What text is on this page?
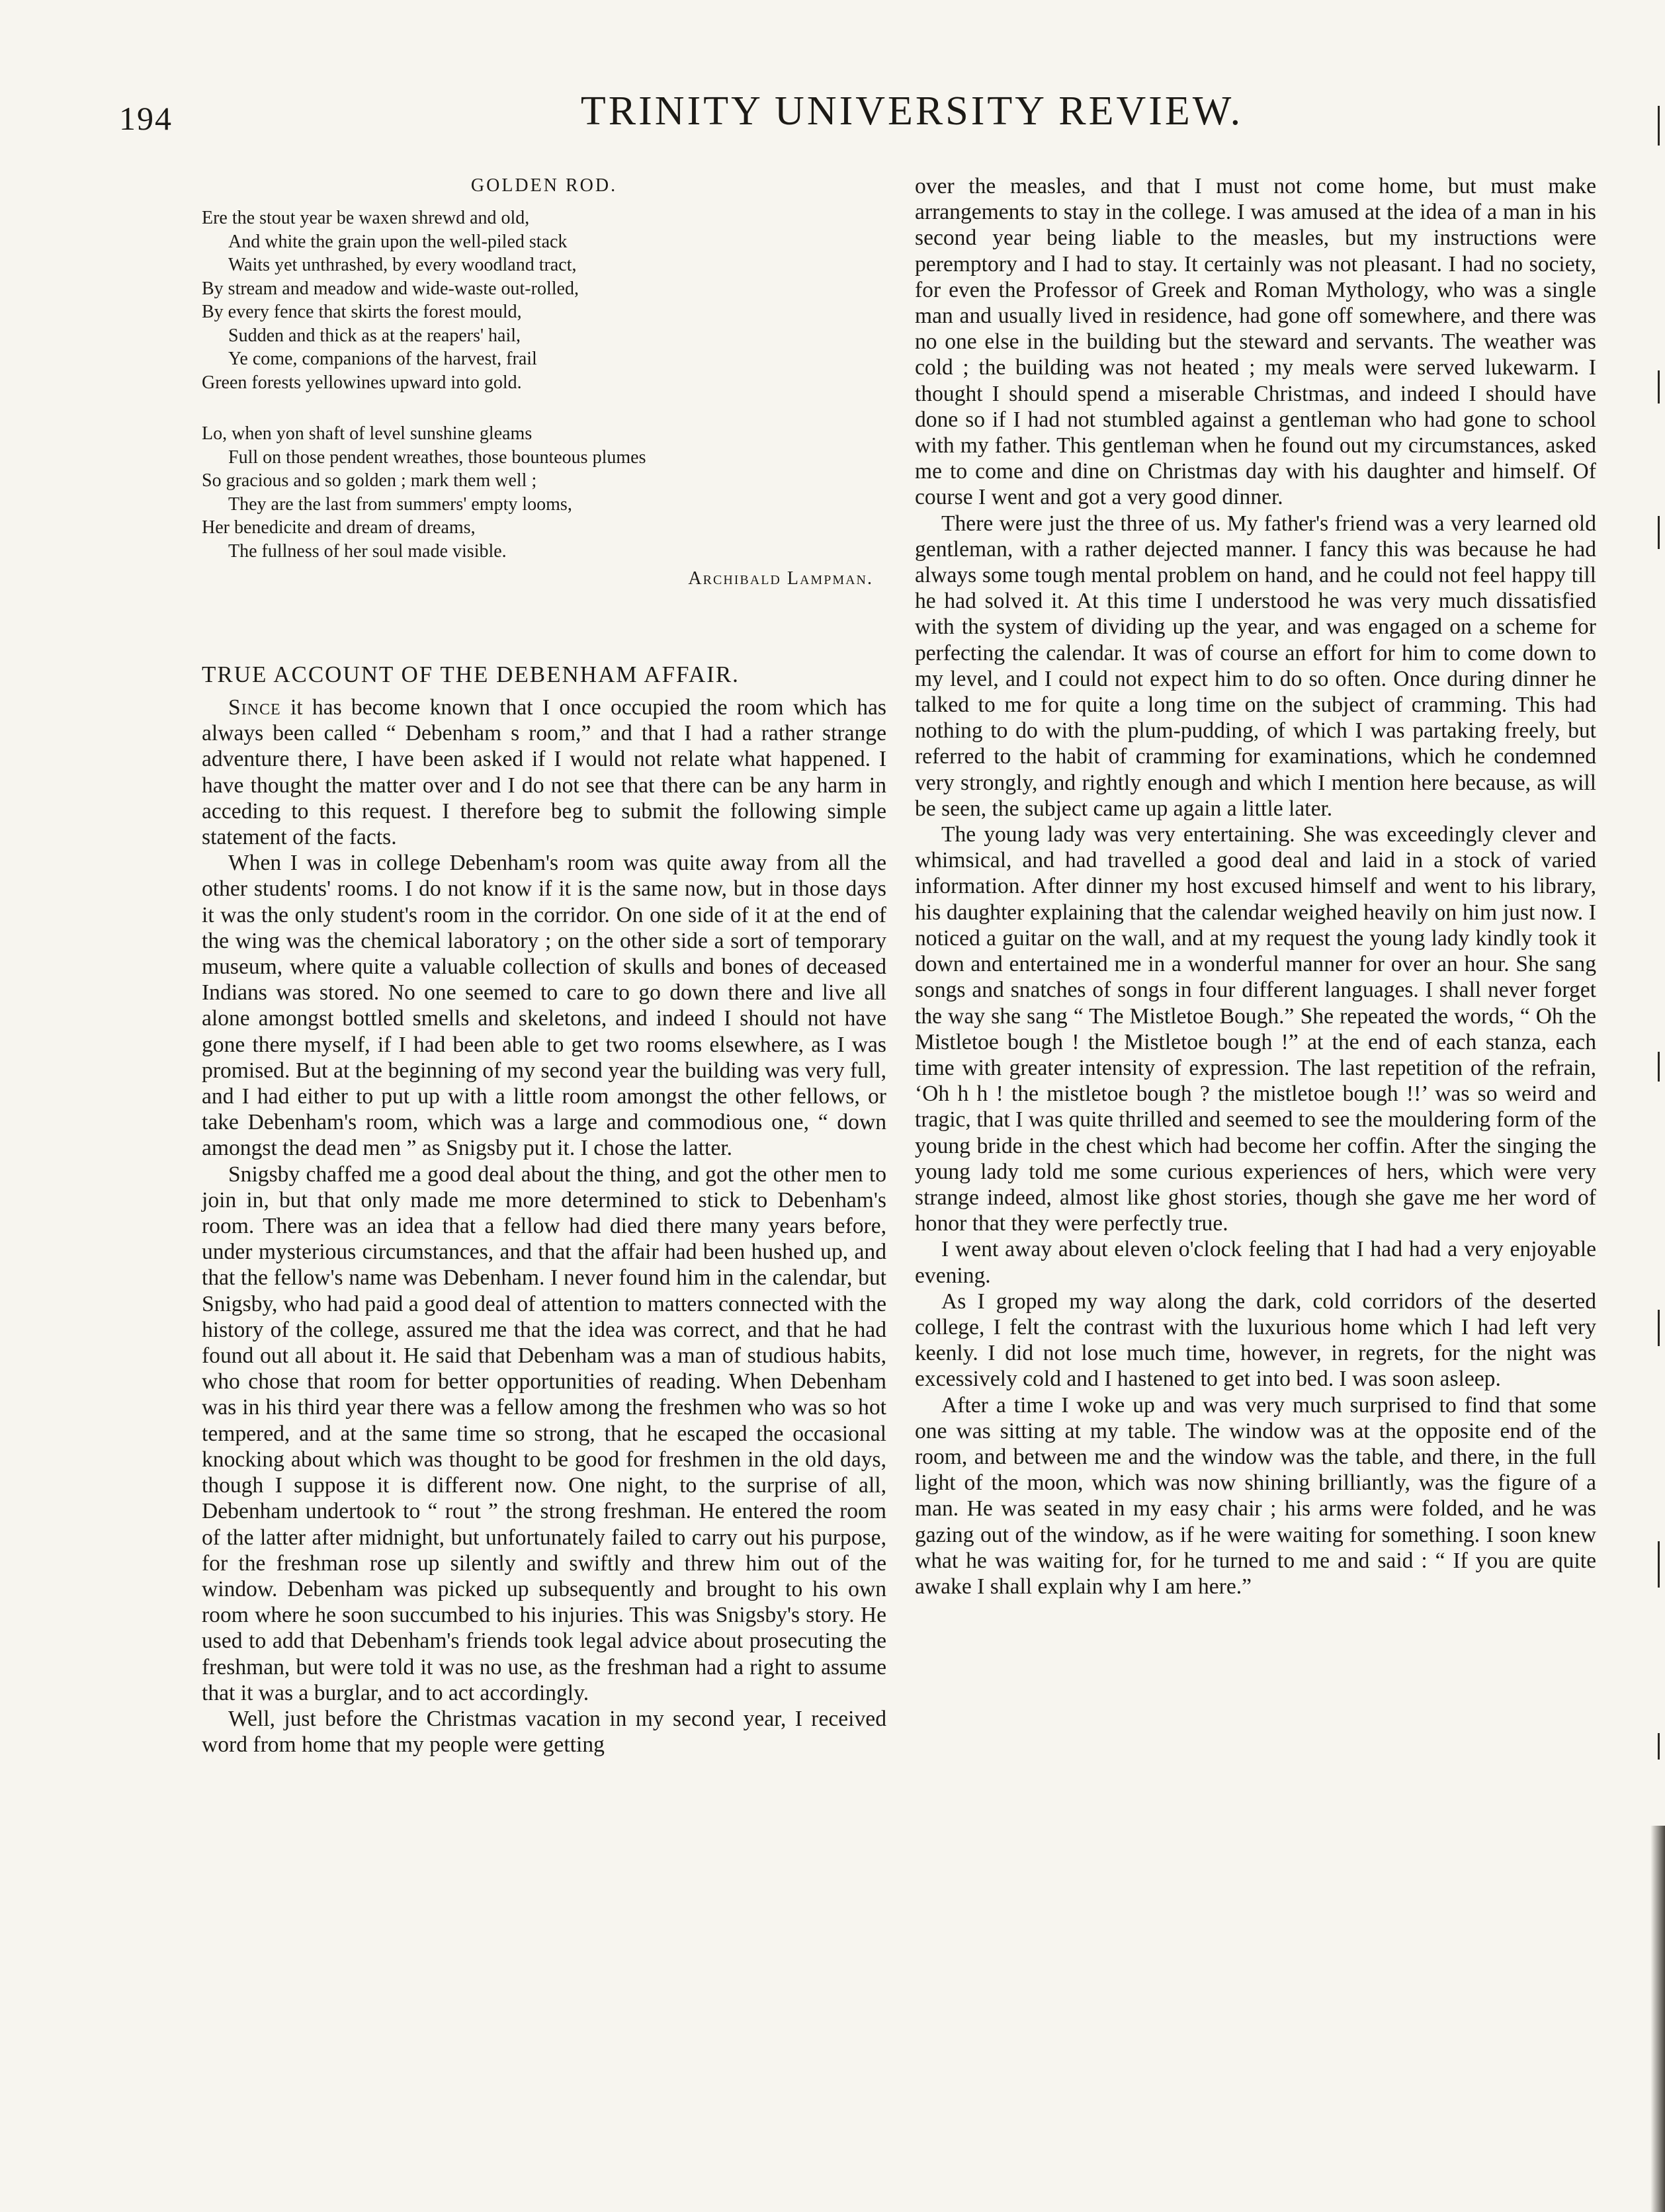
194	TRINITY UNIVERSITY REVIEW.
GOLDEN ROD.
Ere the stout year be waxen shrewd and old,
And white the grain upon the well-piled stack
Waits yet unthrashed, by every woodland tract,
By stream and meadow and wide-waste out-rolled,
By every fence that skirts the forest mould,
Sudden and thick as at the reapers' hail,
Ye come, companions of the harvest, frail
Green forests yellowines upward into gold.
Lo, when yon shaft of level sunshine gleams
Full on those pendent wreathes, those bounteous plumes
So gracious and so golden ; mark them well ;
They are the last from summers' empty looms,
Her benedicite and dream of dreams,
The fullness of her soul made visible.
Archibald Lampman.
TRUE ACCOUNT OF THE DEBENHAM AFFAIR.

Since it has become known that I once occupied the room which has always been called “ Debenham s room,” and that I had a rather strange adventure there, I have been asked if I would not relate what happened. I have thought the matter over and I do not see that there can be any harm in acceding to this request. I therefore beg to submit the following simple statement of the facts.

When I was in college Debenham's room was quite away from all the other students' rooms. I do not know if it is the same now, but in those days it was the only student's room in the corridor. On one side of it at the end of the wing was the chemical laboratory ; on the other side a sort of temporary museum, where quite a valuable collection of skulls and bones of deceased Indians was stored. No one seemed to care to go down there and live all alone amongst bottled smells and skeletons, and indeed I should not have gone there myself, if I had been able to get two rooms elsewhere, as I was promised. But at the beginning of my second year the building was very full, and I had either to put up with a little room amongst the other fellows, or take Debenham's room, which was a large and commodious one, “ down amongst the dead men ” as Snigsby put it. I chose the latter.

Snigsby chaffed me a good deal about the thing, and got the other men to join in, but that only made me more determined to stick to Debenham's room. There was an idea that a fellow had died there many years before, under mysterious circumstances, and that the affair had been hushed up, and that the fellow's name was Debenham. I never found him in the calendar, but Snigsby, who had paid a good deal of attention to matters connected with the history of the college, assured me that the idea was correct, and that he had found out all about it. He said that Debenham was a man of studious habits, who chose that room for better opportunities of reading. When Debenham was in his third year there was a fellow among the freshmen who was so hot tempered, and at the same time so strong, that he escaped the occasional knocking about which was thought to be good for freshmen in the old days, though I suppose it is different now. One night, to the surprise of all, Debenham undertook to “ rout ” the strong freshman. He entered the room of the latter after midnight, but unfortunately failed to carry out his purpose, for the freshman rose up silently and swiftly and threw him out of the window. Debenham was picked up subsequently and brought to his own room where he soon succumbed to his injuries. This was Snigsby's story. He used to add that Debenham's friends took legal advice about prosecuting the freshman, but were told it was no use, as the freshman had a right to assume that it was a burglar, and to act accordingly.

Well, just before the Christmas vacation in my second year, I received word from home that my people were getting

over the measles, and that I must not come home, but must make arrangements to stay in the college. I was amused at the idea of a man in his second year being liable to the measles, but my instructions were peremptory and I had to stay. It certainly was not pleasant. I had no society, for even the Professor of Greek and Roman Mythology, who was a single man and usually lived in residence, had gone off somewhere, and there was no one else in the building but the steward and servants. The weather was cold ; the building was not heated ; my meals were served lukewarm. I thought I should spend a miserable Christmas, and indeed I should have done so if I had not stumbled against a gentleman who had gone to school with my father. This gentleman when he found out my circumstances, asked me to come and dine on Christmas day with his daughter and himself. Of course I went and got a very good dinner.

There were just the three of us. My father's friend was a very learned old gentleman, with a rather dejected manner. I fancy this was because he had always some tough mental problem on hand, and he could not feel happy till he had solved it. At this time I understood he was very much dissatisfied with the system of dividing up the year, and was engaged on a scheme for perfecting the calendar. It was of course an effort for him to come down to my level, and I could not expect him to do so often. Once during dinner he talked to me for quite a long time on the subject of cramming. This had nothing to do with the plum-pudding, of which I was partaking freely, but referred to the habit of cramming for examinations, which he condemned very strongly, and rightly enough and which I mention here because, as will be seen, the subject came up again a little later.

The young lady was very entertaining. She was exceedingly clever and whimsical, and had travelled a good deal and laid in a stock of varied information. After dinner my host excused himself and went to his library, his daughter explaining that the calendar weighed heavily on him just now. I noticed a guitar on the wall, and at my request the young lady kindly took it down and entertained me in a wonderful manner for over an hour. She sang songs and snatches of songs in four different languages. I shall never forget the way she sang “ The Mistletoe Bough.” She repeated the words, “ Oh the Mistletoe bough ! the Mistletoe bough !” at the end of each stanza, each time with greater intensity of expression. The last repetition of the refrain, ‘Oh h h ! the mistletoe bough ? the mistletoe bough !!’ was so weird and tragic, that I was quite thrilled and seemed to see the mouldering form of the young bride in the chest which had become her coffin. After the singing the young lady told me some curious experiences of hers, which were very strange indeed, almost like ghost stories, though she gave me her word of honor that they were perfectly true.

I went away about eleven o'clock feeling that I had had a very enjoyable evening.

As I groped my way along the dark, cold corridors of the deserted college, I felt the contrast with the luxurious home which I had left very keenly. I did not lose much time, however, in regrets, for the night was excessively cold and I hastened to get into bed. I was soon asleep.

After a time I woke up and was very much surprised to find that some one was sitting at my table. The window was at the opposite end of the room, and between me and the window was the table, and there, in the full light of the moon, which was now shining brilliantly, was the figure of a man. He was seated in my easy chair ; his arms were folded, and he was gazing out of the window, as if he were waiting for something. I soon knew what he was waiting for, for he turned to me and said : “ If you are quite awake I shall explain why I am here.”
